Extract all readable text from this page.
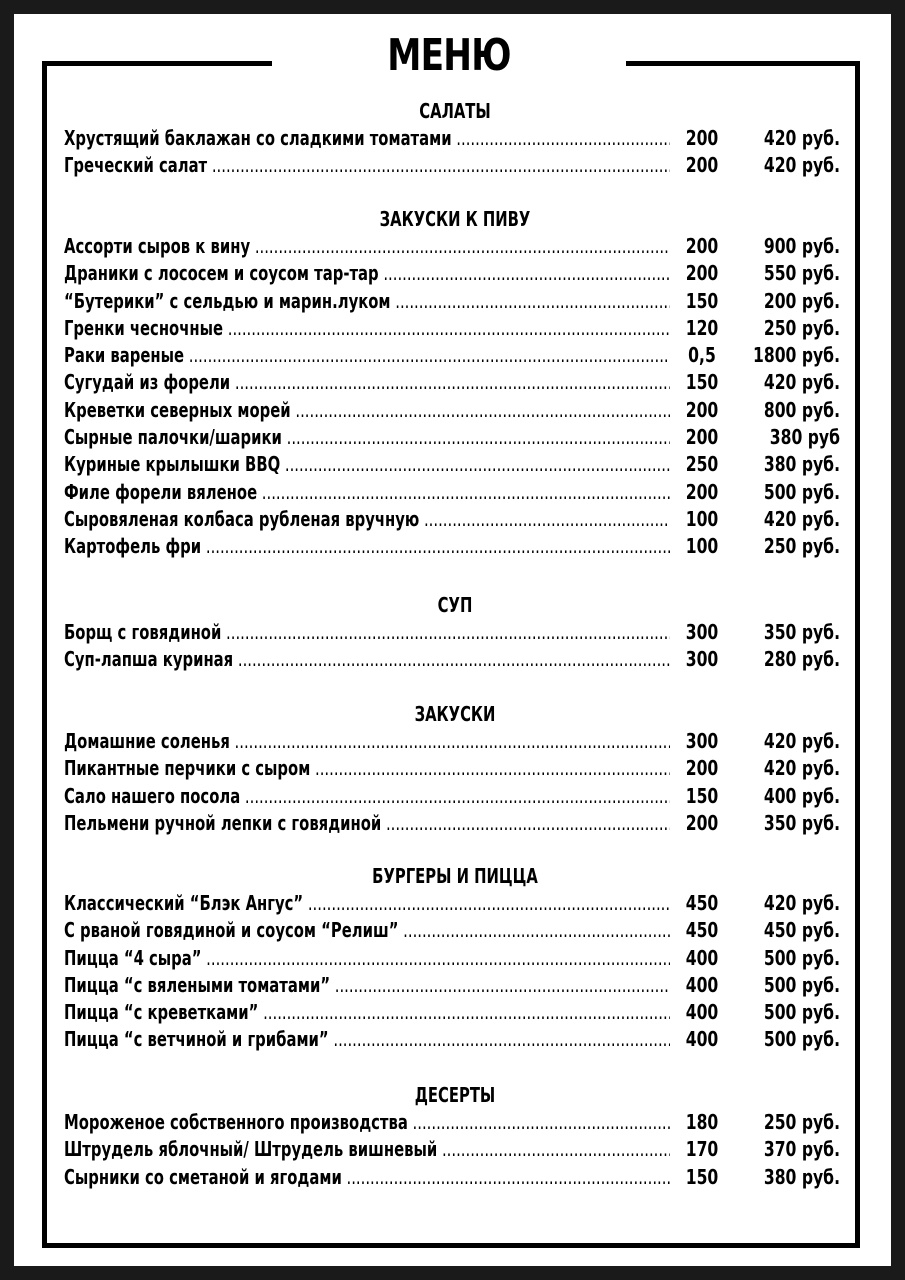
МЕНЮ
САЛАТЫ
Хрустящий баклажан со сладкими томатами .....	200	420 руб.
Греческий салат .....	200	420 руб.
ЗАКУСКИ К ПИВУ
Ассорти сыров к вину .....	200	900 руб.
Драники с лососем и соусом тар-тар .....	200	550 руб.
“Бутерики” с сельдью и марин.луком .....	150	200 руб.
Гренки чесночные .....	120	250 руб.
Раки вареные .....	0,5	1800 руб.
Сугудай из форели .....	150	420 руб.
Креветки северных морей .....	200	800 руб.
Сырные палочки/шарики .....	200	380 руб
Куриные крылышки BBQ .....	250	380 руб.
Филе форели вяленое .....	200	500 руб.
Сыровяленая колбаса рубленая вручную .....	100	420 руб.
Картофель фри .....	100	250 руб.
СУП
Борщ с говядиной .....	300	350 руб.
Суп-лапша куриная .....	300	280 руб.
ЗАКУСКИ
Домашние соленья .....	300	420 руб.
Пикантные перчики с сыром .....	200	420 руб.
Сало нашего посола .....	150	400 руб.
Пельмени ручной лепки с говядиной .....	200	350 руб.
БУРГЕРЫ И ПИЦЦА
Классический “Блэк Ангус” .....	450	420 руб.
С рваной говядиной и соусом “Релиш” .....	450	450 руб.
Пицца “4 сыра” .....	400	500 руб.
Пицца “с вялеными томатами” .....	400	500 руб.
Пицца “с креветками” .....	400	500 руб.
Пицца “с ветчиной и грибами” .....	400	500 руб.
ДЕСЕРТЫ
Мороженое собственного производства .....	180	250 руб.
Штрудель яблочный/ Штрудель вишневый .....	170	370 руб.
Сырники со сметаной и ягодами .....	150	380 руб.
